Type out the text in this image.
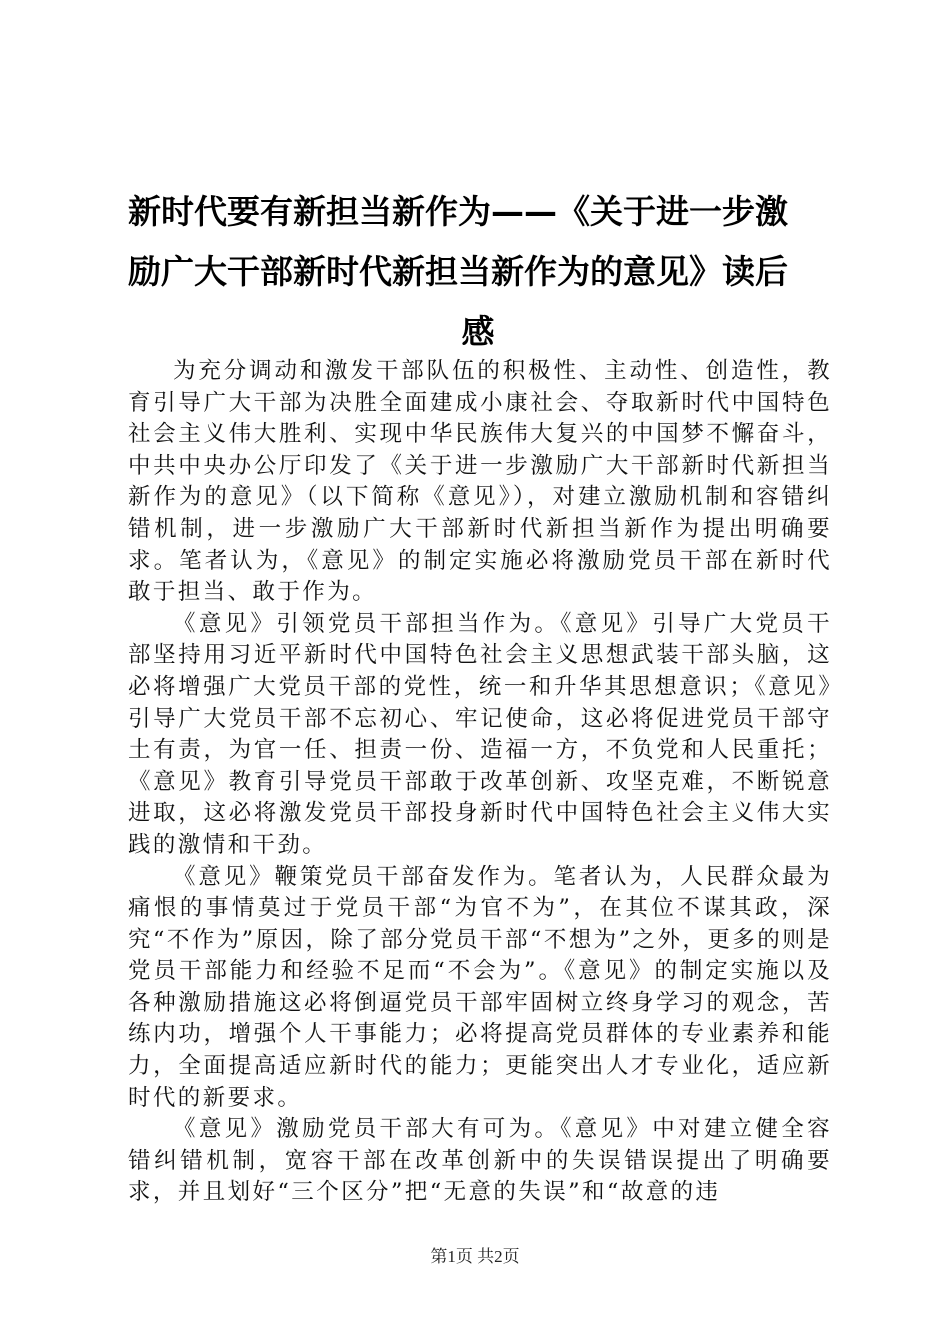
新时代要有新担当新作为——《关于进一步激
励广大干部新时代新担当新作为的意见》读后
感

为充分调动和激发干部队伍的积极性、主动性、创造性，教育引导广大干部为决胜全面建成小康社会、夺取新时代中国特色社会主义伟大胜利、实现中华民族伟大复兴的中国梦不懈奋斗，中共中央办公厅印发了《关于进一步激励广大干部新时代新担当新作为的意见》（以下简称《意见》），对建立激励机制和容错纠错机制，进一步激励广大干部新时代新担当新作为提出明确要求。笔者认为，《意见》的制定实施必将激励党员干部在新时代敢于担当、敢于作为。

《意见》引领党员干部担当作为。《意见》引导广大党员干部坚持用习近平新时代中国特色社会主义思想武装干部头脑，这必将增强广大党员干部的党性，统一和升华其思想意识；《意见》引导广大党员干部不忘初心、牢记使命，这必将促进党员干部守土有责，为官一任、担责一份、造福一方，不负党和人民重托；《意见》教育引导党员干部敢于改革创新、攻坚克难，不断锐意进取，这必将激发党员干部投身新时代中国特色社会主义伟大实践的激情和干劲。

《意见》鞭策党员干部奋发作为。笔者认为，人民群众最为痛恨的事情莫过于党员干部“为官不为”，在其位不谋其政，深究“不作为”原因，除了部分党员干部“不想为”之外，更多的则是党员干部能力和经验不足而“不会为”。《意见》的制定实施以及各种激励措施这必将倒逼党员干部牢固树立终身学习的观念，苦练内功，增强个人干事能力；必将提高党员群体的专业素养和能力，全面提高适应新时代的能力；更能突出人才专业化，适应新时代的新要求。

《意见》激励党员干部大有可为。《意见》中对建立健全容错纠错机制，宽容干部在改革创新中的失误错误提出了明确要求，并且划好“三个区分”把“无意的失误”和“故意的违

第1页 共2页
